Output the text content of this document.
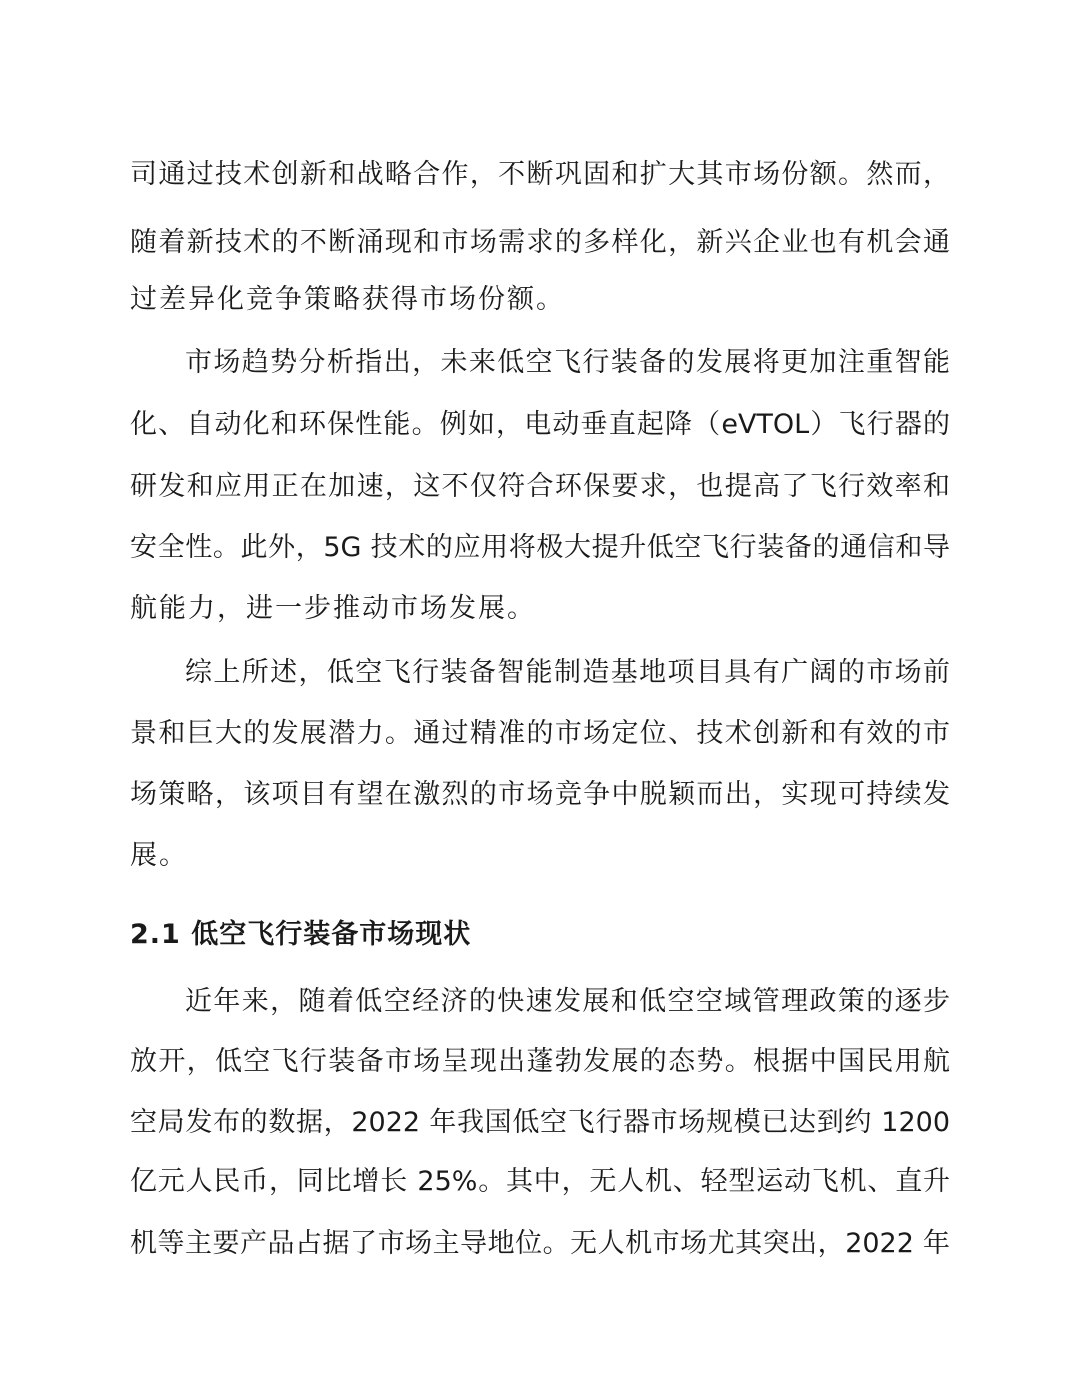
司通过技术创新和战略合作，不断巩固和扩大其市场份额。然而，
随着新技术的不断涌现和市场需求的多样化，新兴企业也有机会通
过差异化竞争策略获得市场份额。
市场趋势分析指出，未来低空飞行装备的发展将更加注重智能
化、自动化和环保性能。例如，电动垂直起降（eVTOL）飞行器的
研发和应用正在加速，这不仅符合环保要求，也提高了飞行效率和
安全性。此外，5G 技术的应用将极大提升低空飞行装备的通信和导
航能力，进一步推动市场发展。
综上所述，低空飞行装备智能制造基地项目具有广阔的市场前
景和巨大的发展潜力。通过精准的市场定位、技术创新和有效的市
场策略，该项目有望在激烈的市场竞争中脱颖而出，实现可持续发
展。
2.1 低空飞行装备市场现状
近年来，随着低空经济的快速发展和低空空域管理政策的逐步
放开，低空飞行装备市场呈现出蓬勃发展的态势。根据中国民用航
空局发布的数据，2022 年我国低空飞行器市场规模已达到约 1200
亿元人民币，同比增长 25%。其中，无人机、轻型运动飞机、直升
机等主要产品占据了市场主导地位。无人机市场尤其突出，2022 年
